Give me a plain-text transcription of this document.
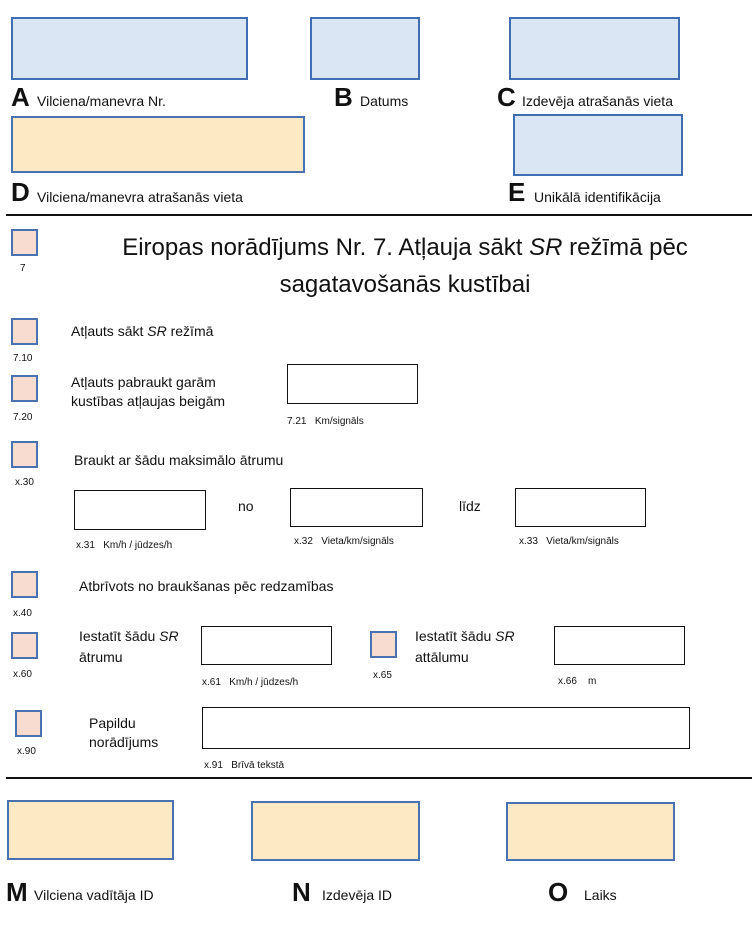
A Vilciena/manevra Nr.	B Datums	C Izdevēja atrašanās vieta
D Vilciena/manevra atrašanās vieta	E Unikālā identifikācija
7
Eiropas norādījums Nr. 7. Atļauja sākt SR režīmā pēc
sagatavošanās kustībai
7.10
Atļauts sākt SR režīmā
7.20
Atļauts pabraukt garām
kustības atļaujas beigām
7.21 Km/signāls
x.30
Braukt ar šādu maksimālo ātrumu
no	līdz
x.31 Km/h / jūdzes/h	x.32 Vieta/km/signāls	x.33 Vieta/km/signāls
x.40
Atbrīvots no braukšanas pēc redzamības
x.60
Iestatīt šādu SR
ātrumu
x.61 Km/h / jūdzes/h
x.65
Iestatīt šādu SR
attālumu
x.66 m
x.90
Papildu
norādījums
x.91 Brīvā tekstā
M Vilciena vadītāja ID	N Izdevēja ID	O Laiks
